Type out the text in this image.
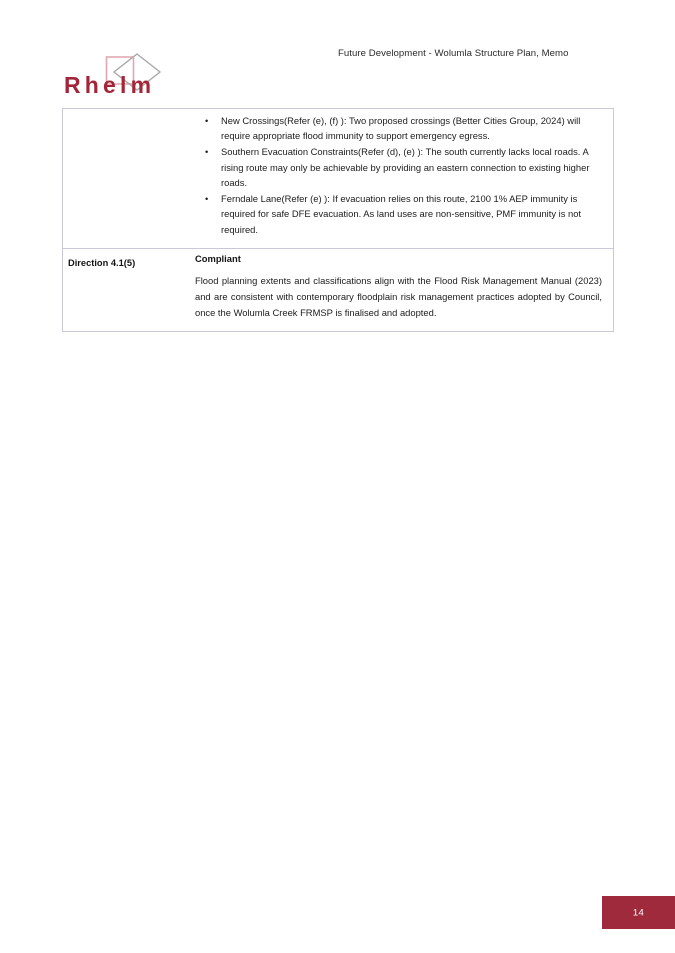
Future Development - Wolumla Structure Plan, Memo
Rhelm
• New Crossings(Refer (e), (f) ): Two proposed crossings (Better Cities Group, 2024) will require appropriate flood immunity to support emergency egress.
• Southern Evacuation Constraints(Refer (d), (e) ): The south currently lacks local roads. A rising route may only be achievable by providing an eastern connection to existing higher roads.
• Ferndale Lane(Refer (e) ): If evacuation relies on this route, 2100 1% AEP immunity is required for safe DFE evacuation. As land uses are non-sensitive, PMF immunity is not required.
Direction 4.1(5)	Compliant

Flood planning extents and classifications align with the Flood Risk Management Manual (2023) and are consistent with contemporary floodplain risk management practices adopted by Council, once the Wolumla Creek FRMSP is finalised and adopted.

14
